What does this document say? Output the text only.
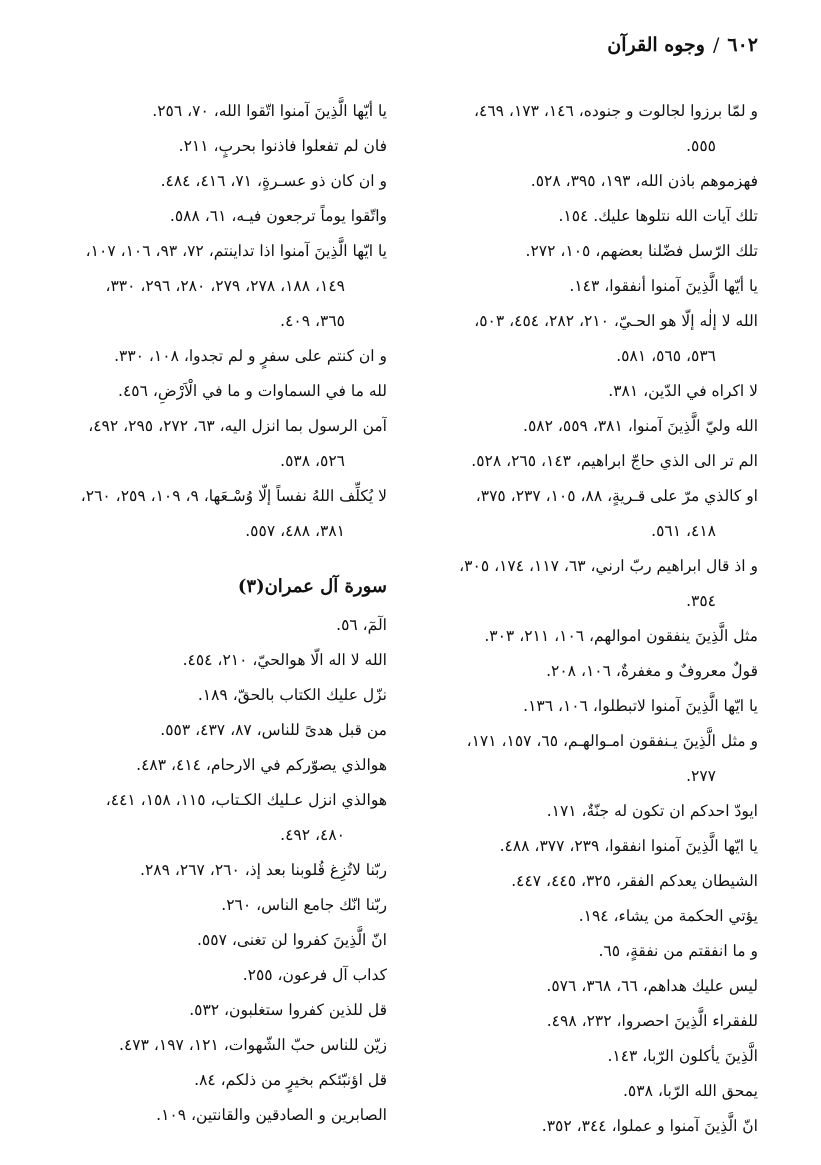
٦٠٢/وجوه القرآن
و لمّا برزوا لجالوت و جنوده، ١٤٦، ١٧٣، ٤٦٩،
٥٥٥.
فهزموهم باذن الله، ١٩٣، ٣٩٥، ٥٢٨.
تلك آيات الله نتلوها عليك. ١٥٤.
تلك الرّسل فضّلنا بعضهم، ١٠٥، ٢٧٢.
يا أيّها الَّذِينَ آمنوا أنفقوا، ١٤٣.
الله لا إلٰه إلّا هو الحـيّ، ٢١٠، ٢٨٢، ٤٥٤، ٥٠٣،
٥٣٦، ٥٦٥، ٥٨١.
لا اكراه في الدّين، ٣٨١.
الله وليّ الَّذِينَ آمنوا، ٣٨١، ٥٥٩، ٥٨٢.
الم تر الى الذي حاجّ ابراهيم، ١٤٣، ٢٦٥، ٥٢٨.
او كالذي مرّ على قـريةٍ، ٨٨، ١٠٥، ٢٣٧، ٣٧٥،
٤١٨، ٥٦١.
و اذ قال ابراهيم ربّ ارني، ٦٣، ١١٧، ١٧٤، ٣٠٥،
٣٥٤.
مثل الَّذِينَ ينفقون اموالهم، ١٠٦، ٢١١، ٣٠٣.
قولٌ معروفٌ و مغفرةٌ، ١٠٦، ٢٠٨.
يا ايّها الَّذِينَ آمنوا لاتبطلوا، ١٠٦، ١٣٦.
و مثل الَّذِينَ يـنفقون امـوالهـم، ٦٥، ١٥٧، ١٧١،
٢٧٧.
ايودّ احدكم ان تكون له جنّةٌ، ١٧١.
يا ايّها الَّذِينَ آمنوا انفقوا، ٢٣٩، ٣٧٧، ٤٨٨.
الشيطان يعدكم الفقر، ٣٢٥، ٤٤٥، ٤٤٧.
يؤتي الحكمة من يشاء، ١٩٤.
و ما انفقتم من نفقةٍ، ٦٥.
ليس عليك هداهم، ٦٦، ٣٦٨، ٥٧٦.
للفقراء الَّذِينَ احصروا، ٢٣٢، ٤٩٨.
الَّذِينَ يأكلون الرّبا، ١٤٣.
يمحق الله الرّبا، ٥٣٨.
انّ الَّذِينَ آمنوا و عملوا، ٣٤٤، ٣٥٢.
يا أيّها الَّذِينَ آمنوا اتّقوا الله، ٧٠، ٢٥٦.
فان لم تفعلوا فاذنوا بحربٍ، ٢١١.
و ان كان ذو عسـرةٍ، ٧١، ٤١٦، ٤٨٤.
واتّقوا يوماً ترجعون فيـه، ٦١، ٥٨٨.
يا ايّها الَّذِينَ آمنوا اذا تداينتم، ٧٢، ٩٣، ١٠٦، ١٠٧،
١٤٩، ١٨٨، ٢٧٨، ٢٧٩، ٢٨٠، ٢٩٦، ٣٣٠،
٣٦٥، ٤٠٩.
و ان كنتم على سفرٍ و لم تجدوا، ١٠٨، ٣٣٠.
لله ما في السماوات و ما في الْاَرْضِ، ٤٥٦.
آمن الرسول بما انزل اليه، ٦٣، ٢٧٢، ٢٩٥، ٤٩٢،
٥٢٦، ٥٣٨.
لا يُكلِّف اللهُ نفساً إلّا وُسْـعَها، ٩، ١٠٩، ٢٥٩، ٢٦٠،
٣٨١، ٤٨٨، ٥٥٧.
سورة آل عمران(٣)
الٓمٓ، ٥٦.
الله لا اله الّا هوالحيّ، ٢١٠، ٤٥٤.
نزّل عليك الكتاب بالحقّ، ١٨٩.
من قبل هدىً للناس، ٨٧، ٤٣٧، ٥٥٣.
هوالذي يصوّركم في الارحام، ٤١٤، ٤٨٣.
هوالذي انزل عـليك الكـتاب، ١١٥، ١٥٨، ٤٤١،
٤٨٠، ٤٩٢.
ربّنا لاتُزِغ قُلوبنا بعد إذ، ٢٦٠، ٢٦٧، ٢٨٩.
ربّنا انّك جامع الناس، ٢٦٠.
انّ الَّذِينَ كفروا لن تغنى، ٥٥٧.
كداب آل فرعون، ٢٥٥.
قل للذين كفروا ستغلبون، ٥٣٢.
زيّن للناس حبّ الشّهوات، ١٢١، ١٩٧، ٤٧٣.
قل اؤنبّئكم بخيرٍ من ذلكم، ٨٤.
الصابرين و الصادقين والقانتين، ١٠٩.
